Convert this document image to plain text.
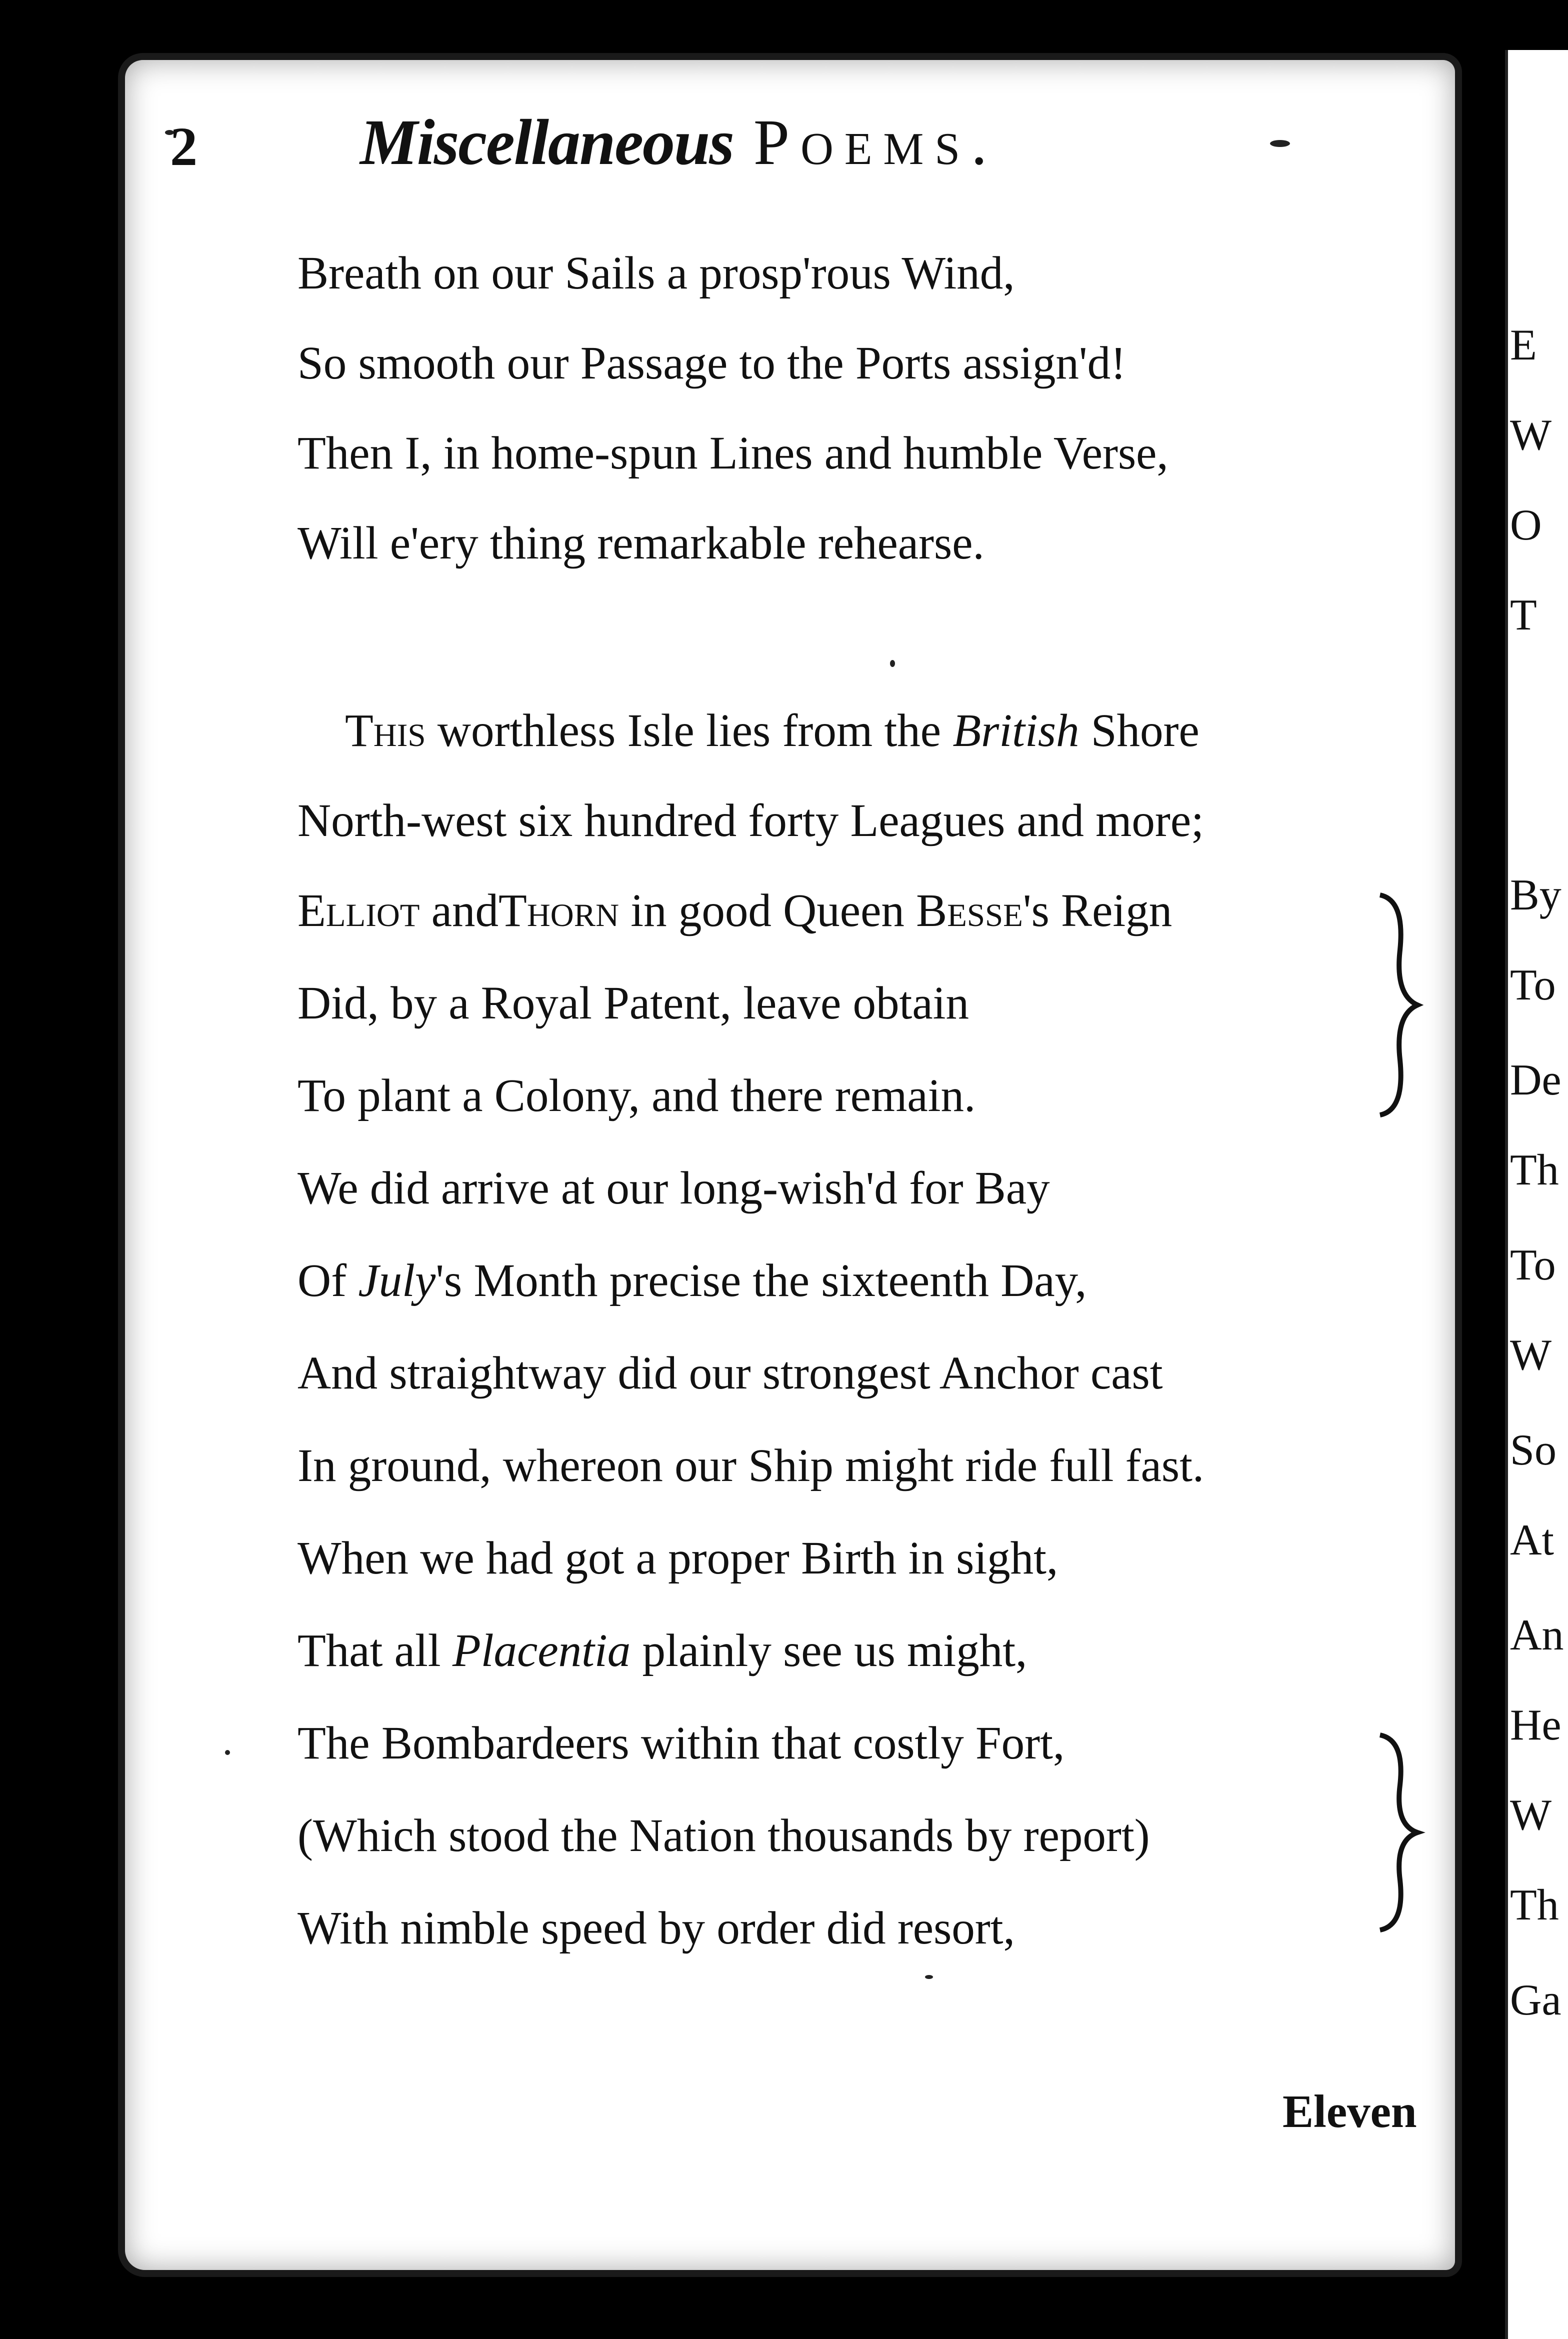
2	Miscellaneous Poems.
Breath on our Sails a prosp'rous Wind,
So smooth our Passage to the Ports assign'd!
Then I, in home-spun Lines and humble Verse,
Will e'ery thing remarkable rehearse.
This worthless Isle lies from the British Shore
North-west six hundred forty Leagues and more;
Elliot andThorn in good Queen Besse's Reign
Did, by a Royal Patent, leave obtain
To plant a Colony, and there remain.
We did arrive at our long-wish'd for Bay
Of July's Month precise the sixteenth Day,
And straightway did our strongest Anchor cast
In ground, whereon our Ship might ride full fast.
When we had got a proper Birth in sight,
That all Placentia plainly see us might,
The Bombardeers within that costly Fort,
(Which stood the Nation thousands by report)
With nimble speed by order did resort,
Eleven
E
W
O
T
By
To
De
Th
To
W
So
At
An
He
W
Th
Ga
